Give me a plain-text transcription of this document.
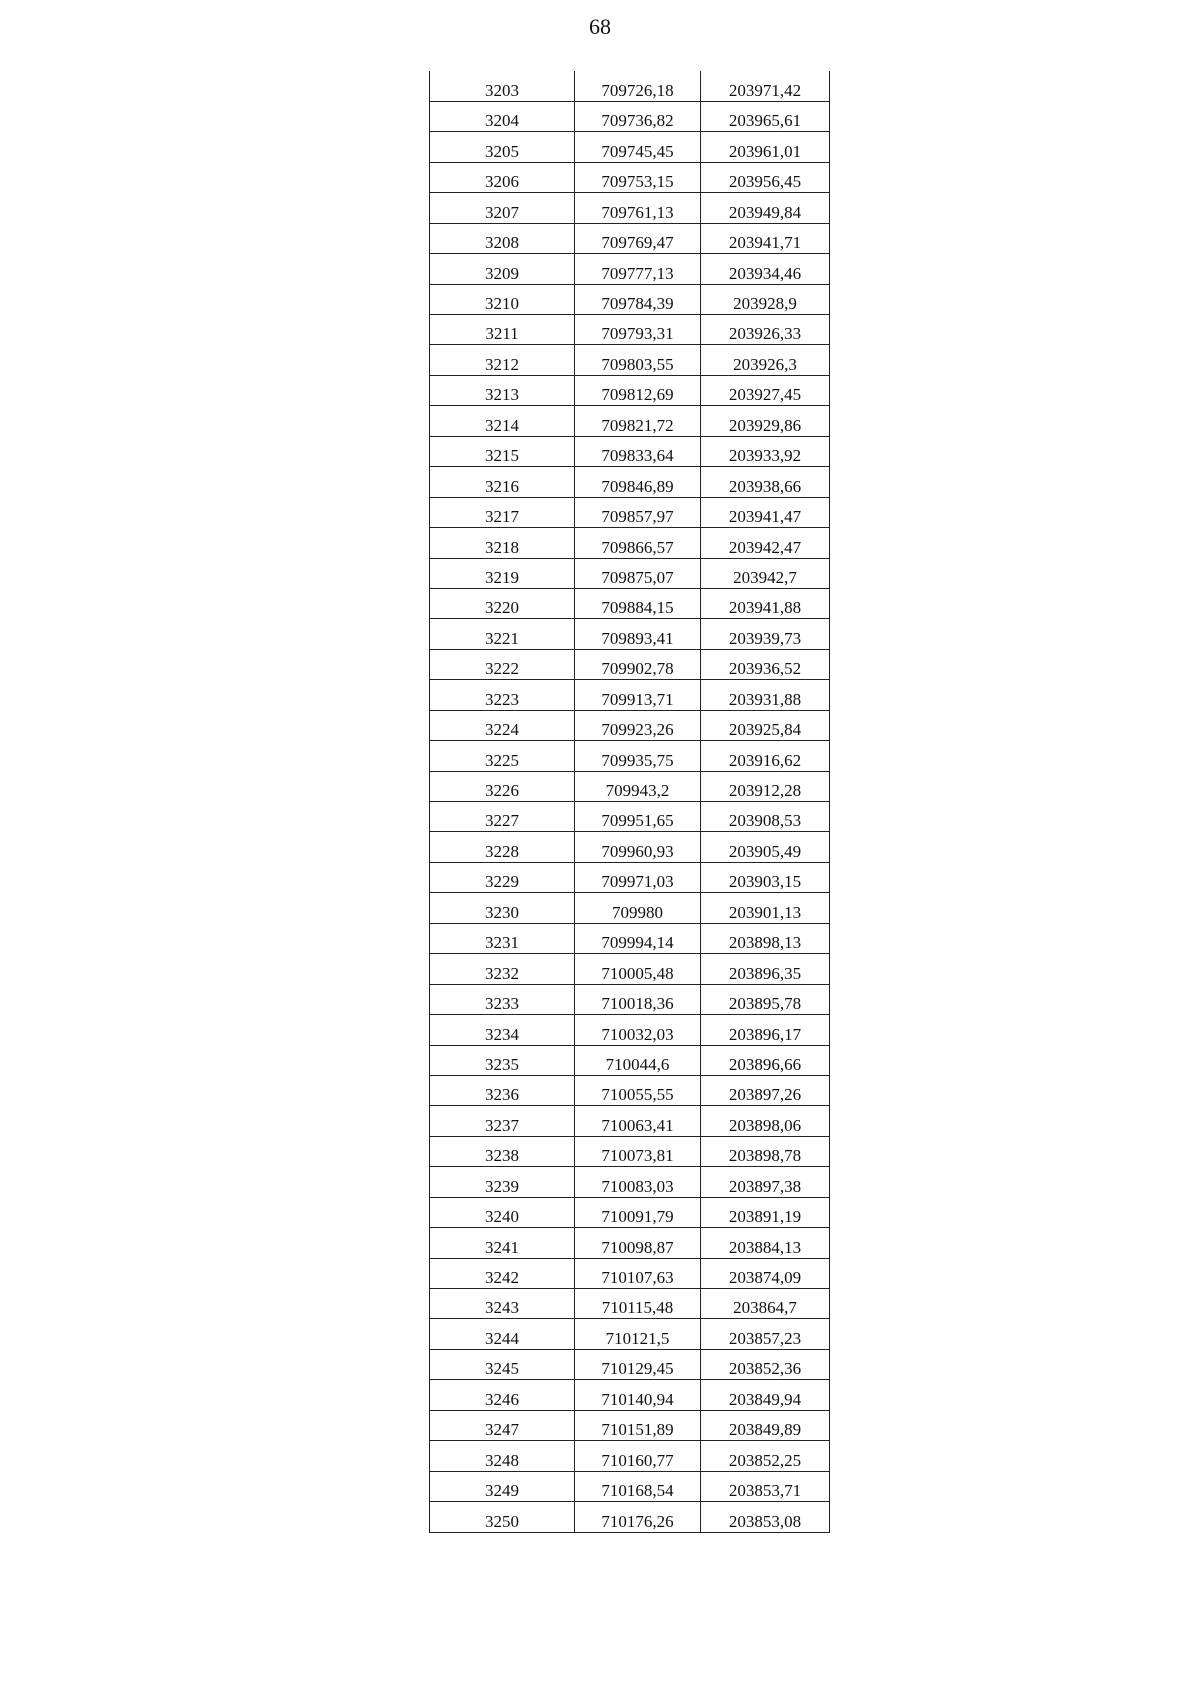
68
3203	709726,18	203971,42
3204	709736,82	203965,61
3205	709745,45	203961,01
3206	709753,15	203956,45
3207	709761,13	203949,84
3208	709769,47	203941,71
3209	709777,13	203934,46
3210	709784,39	203928,9
3211	709793,31	203926,33
3212	709803,55	203926,3
3213	709812,69	203927,45
3214	709821,72	203929,86
3215	709833,64	203933,92
3216	709846,89	203938,66
3217	709857,97	203941,47
3218	709866,57	203942,47
3219	709875,07	203942,7
3220	709884,15	203941,88
3221	709893,41	203939,73
3222	709902,78	203936,52
3223	709913,71	203931,88
3224	709923,26	203925,84
3225	709935,75	203916,62
3226	709943,2	203912,28
3227	709951,65	203908,53
3228	709960,93	203905,49
3229	709971,03	203903,15
3230	709980	203901,13
3231	709994,14	203898,13
3232	710005,48	203896,35
3233	710018,36	203895,78
3234	710032,03	203896,17
3235	710044,6	203896,66
3236	710055,55	203897,26
3237	710063,41	203898,06
3238	710073,81	203898,78
3239	710083,03	203897,38
3240	710091,79	203891,19
3241	710098,87	203884,13
3242	710107,63	203874,09
3243	710115,48	203864,7
3244	710121,5	203857,23
3245	710129,45	203852,36
3246	710140,94	203849,94
3247	710151,89	203849,89
3248	710160,77	203852,25
3249	710168,54	203853,71
3250	710176,26	203853,08
